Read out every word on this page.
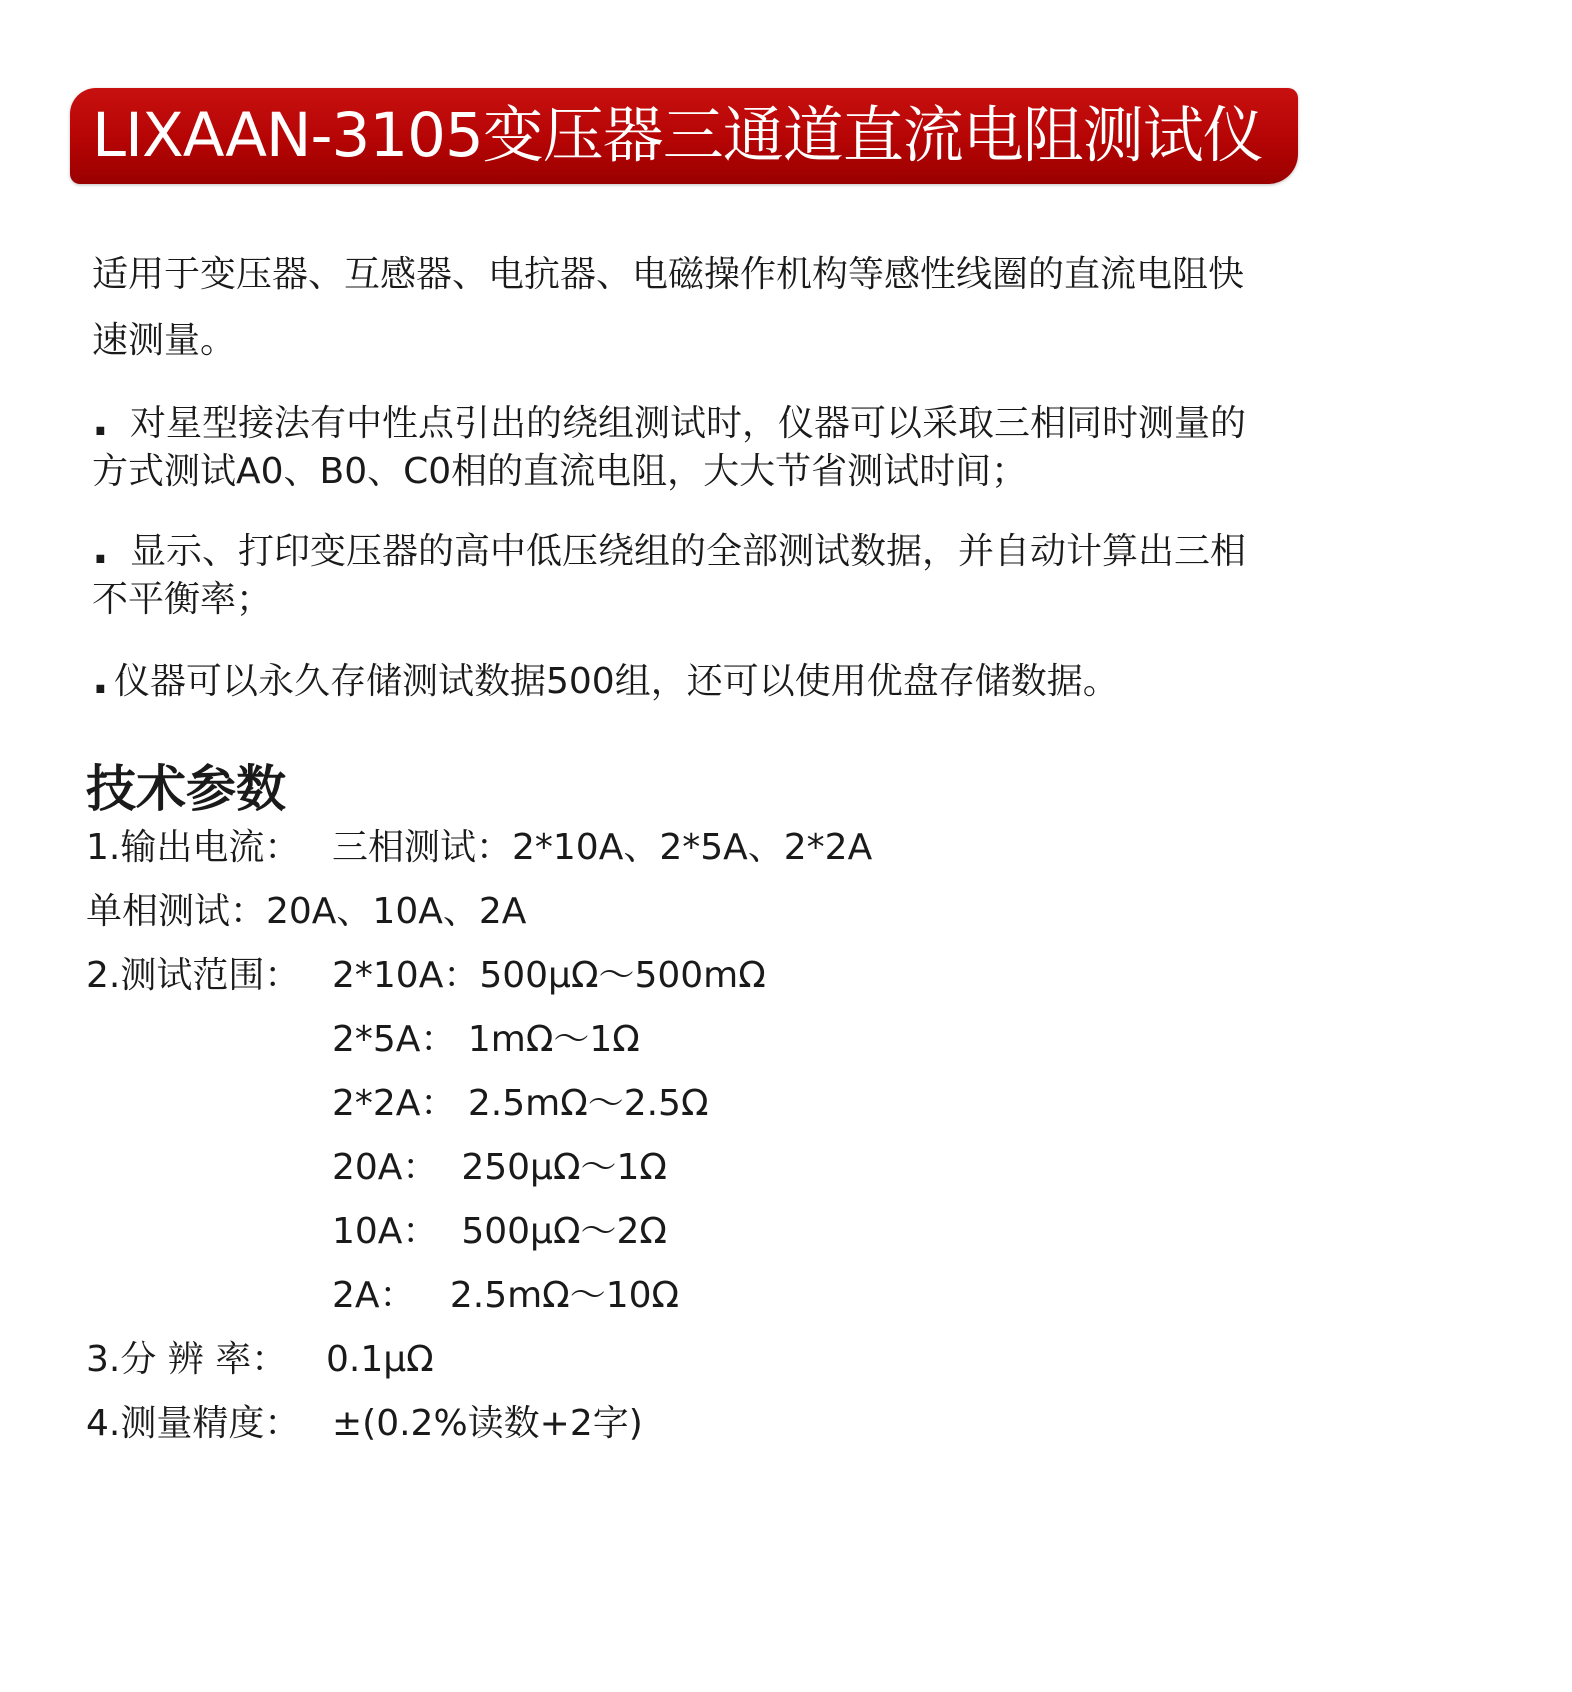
LIXAAN-3105变压器三通道直流电阻测试仪

适用于变压器、互感器、电抗器、电磁操作机构等感性线圈的直流电阻快速测量。

. 对星型接法有中性点引出的绕组测试时，仪器可以采取三相同时测量的方式测试A0、B0、C0相的直流电阻，大大节省测试时间；

. 显示、打印变压器的高中低压绕组的全部测试数据，并自动计算出三相不平衡率；

. 仪器可以永久存储测试数据500组，还可以使用优盘存储数据。

技术参数
1.输出电流： 三相测试：2*10A、2*5A、2*2A
单相测试：20A、10A、2A
2.测试范围： 2*10A：500μΩ～500mΩ
2*5A： 1mΩ～1Ω
2*2A： 2.5mΩ～2.5Ω
20A：  250μΩ～1Ω
10A：  500μΩ～2Ω
2A：   2.5mΩ～10Ω
3.分 辨 率： 0.1μΩ
4.测量精度： ±(0.2%读数+2字)
